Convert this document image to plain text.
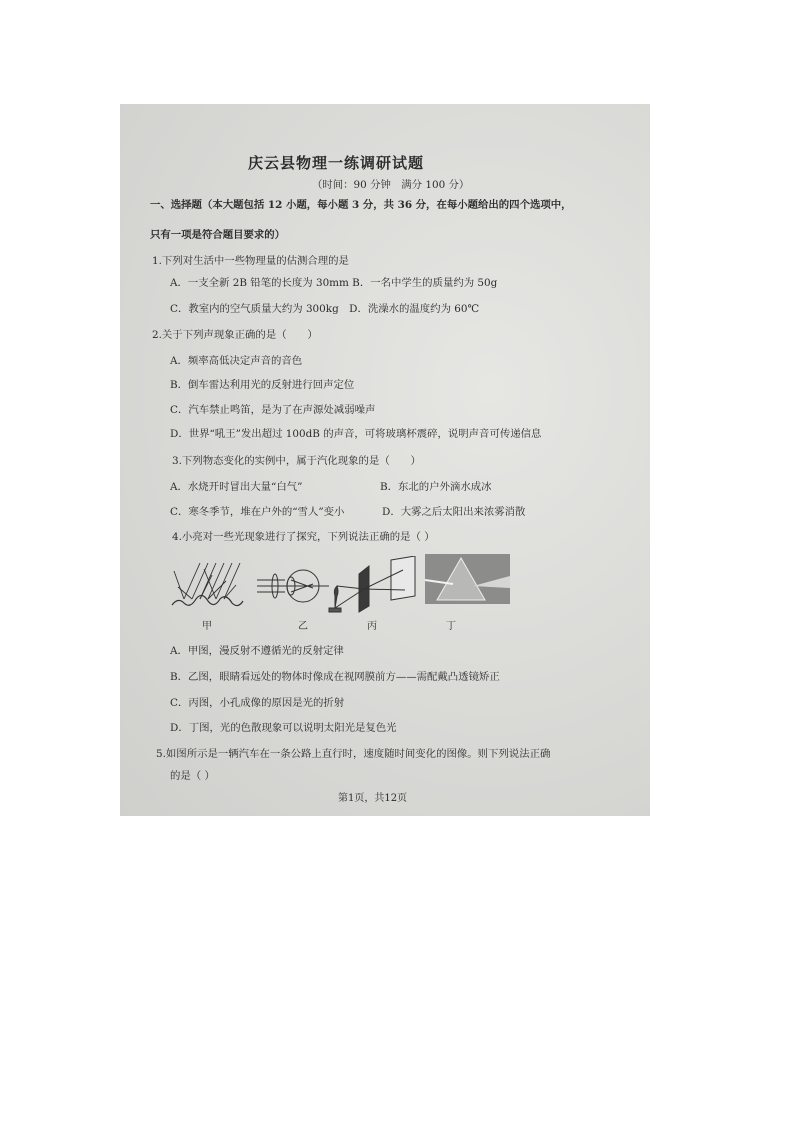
庆云县物理一练调研试题
（时间：90 分钟　满分 100 分）
一、选择题（本大题包括 12 小题，每小题 3 分，共 36 分，在每小题给出的四个选项中，
只有一项是符合题目要求的）
1.下列对生活中一些物理量的估测合理的是
A．一支全新 2B 铅笔的长度为 30mm B．一名中学生的质量约为 50g
C．教室内的空气质量大约为 300kg　D．洗澡水的温度约为 60℃
2.关于下列声现象正确的是（　　）
A．频率高低决定声音的音色
B．倒车雷达利用光的反射进行回声定位
C．汽车禁止鸣笛，是为了在声源处减弱噪声
D．世界“吼王”发出超过 100dB 的声音，可将玻璃杯震碎，说明声音可传递信息
3.下列物态变化的实例中，属于汽化现象的是（　　）
A．水烧开时冒出大量“白气”	B．东北的户外滴水成冰
C．寒冬季节，堆在户外的“雪人”变小	D．大雾之后太阳出来浓雾消散
4.小亮对一些光现象进行了探究，下列说法正确的是（ ）
甲	乙	丙	丁
A．甲图，漫反射不遵循光的反射定律
B．乙图，眼睛看远处的物体时像成在视网膜前方——需配戴凸透镜矫正
C．丙图，小孔成像的原因是光的折射
D．丁图，光的色散现象可以说明太阳光是复色光
5.如图所示是一辆汽车在一条公路上直行时，速度随时间变化的图像。则下列说法正确
的是（ ）
第1页，共12页
